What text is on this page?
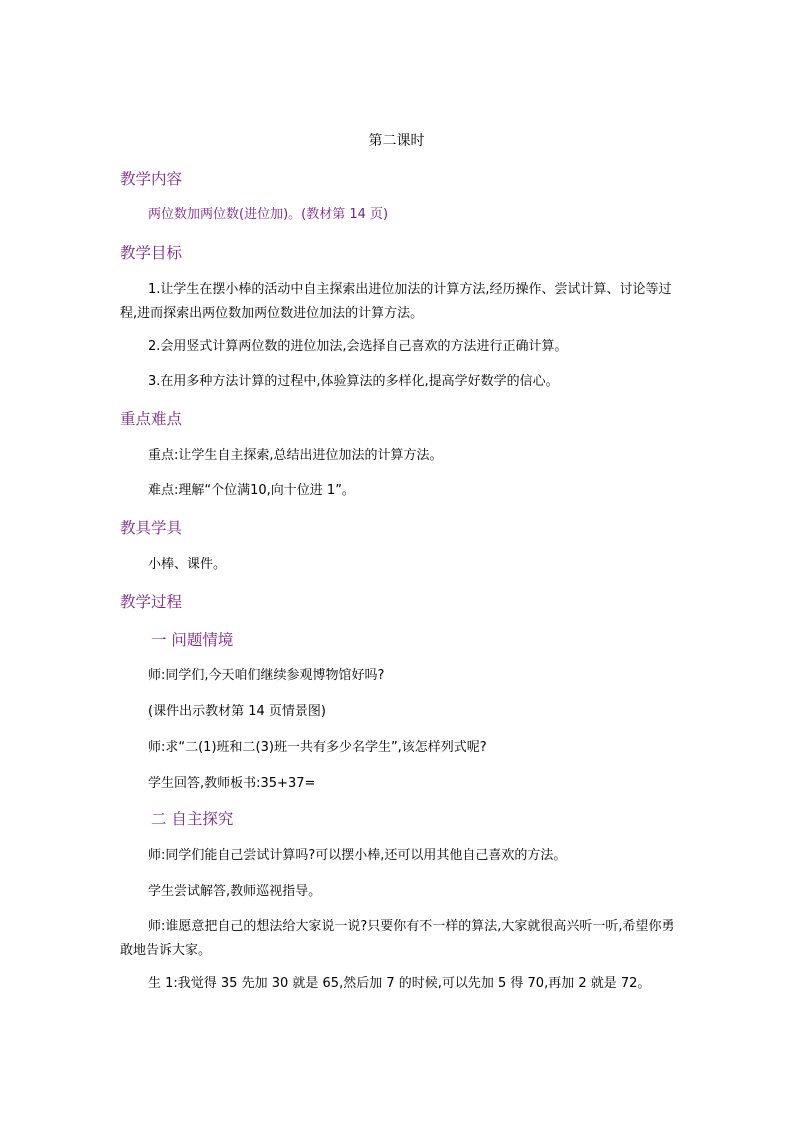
第二课时
教学内容
两位数加两位数(进位加)。(教材第 14 页)
教学目标
1.让学生在摆小棒的活动中自主探索出进位加法的计算方法,经历操作、尝试计算、讨论等过程,进而探索出两位数加两位数进位加法的计算方法。
2.会用竖式计算两位数的进位加法,会选择自己喜欢的方法进行正确计算。
3.在用多种方法计算的过程中,体验算法的多样化,提高学好数学的信心。
重点难点
重点:让学生自主探索,总结出进位加法的计算方法。
难点:理解“个位满10,向十位进 1”。
教具学具
小棒、课件。
教学过程
一 问题情境
师:同学们,今天咱们继续参观博物馆好吗?
(课件出示教材第 14 页情景图)
师:求“二(1)班和二(3)班一共有多少名学生”,该怎样列式呢?
学生回答,教师板书:35+37=
二 自主探究
师:同学们能自己尝试计算吗?可以摆小棒,还可以用其他自己喜欢的方法。
学生尝试解答,教师巡视指导。
师:谁愿意把自己的想法给大家说一说?只要你有不一样的算法,大家就很高兴听一听,希望你勇敢地告诉大家。
生 1:我觉得 35 先加 30 就是 65,然后加 7 的时候,可以先加 5 得 70,再加 2 就是 72。
